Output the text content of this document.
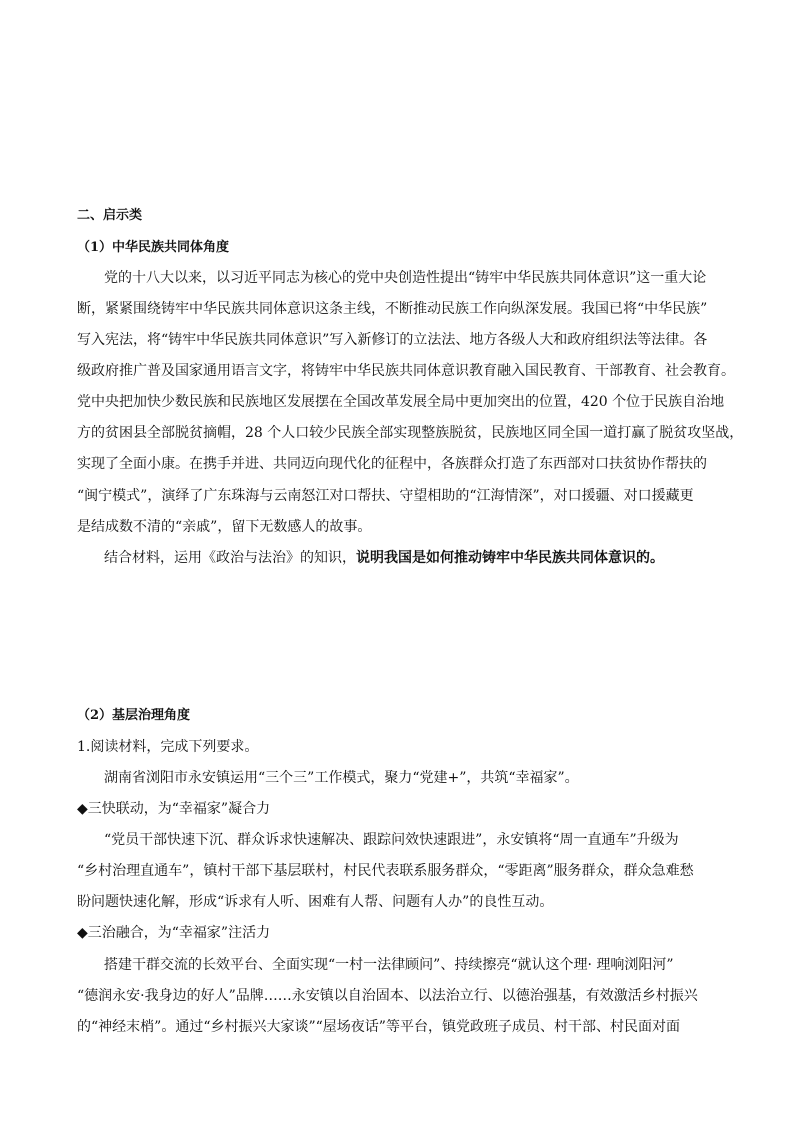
二、启示类
（1）中华民族共同体角度
党的十八大以来，以习近平同志为核心的党中央创造性提出“铸牢中华民族共同体意识”这一重大论
断，紧紧围绕铸牢中华民族共同体意识这条主线，不断推动民族工作向纵深发展。我国已将“中华民族”
写入宪法，将“铸牢中华民族共同体意识”写入新修订的立法法、地方各级人大和政府组织法等法律。各
级政府推广普及国家通用语言文字，将铸牢中华民族共同体意识教育融入国民教育、干部教育、社会教育。
党中央把加快少数民族和民族地区发展摆在全国改革发展全局中更加突出的位置，420 个位于民族自治地
方的贫困县全部脱贫摘帽，28 个人口较少民族全部实现整族脱贫，民族地区同全国一道打赢了脱贫攻坚战，
实现了全面小康。在携手并进、共同迈向现代化的征程中，各族群众打造了东西部对口扶贫协作帮扶的
“闽宁模式”，演绎了广东珠海与云南怒江对口帮扶、守望相助的“江海情深”，对口援疆、对口援藏更
是结成数不清的“亲戚”，留下无数感人的故事。
结合材料，运用《政治与法治》的知识，说明我国是如何推动铸牢中华民族共同体意识的。
（2）基层治理角度
1.阅读材料，完成下列要求。
湖南省浏阳市永安镇运用“三个三”工作模式，聚力“党建+”，共筑“幸福家”。
◆三快联动，为“幸福家”凝合力
“党员干部快速下沉、群众诉求快速解决、跟踪问效快速跟进”，永安镇将“周一直通车”升级为
“乡村治理直通车”，镇村干部下基层联村，村民代表联系服务群众，“零距离”服务群众，群众急难愁
盼问题快速化解，形成“诉求有人听、困难有人帮、问题有人办”的良性互动。
◆三治融合，为“幸福家”注活力
搭建干群交流的长效平台、全面实现“一村一法律顾问”、持续擦亮“就认这个理· 理响浏阳河”
“德润永安·我身边的好人”品牌……永安镇以自治固本、以法治立行、以德治强基，有效激活乡村振兴
的“神经末梢”。通过“乡村振兴大家谈”“屋场夜话”等平台，镇党政班子成员、村干部、村民面对面
